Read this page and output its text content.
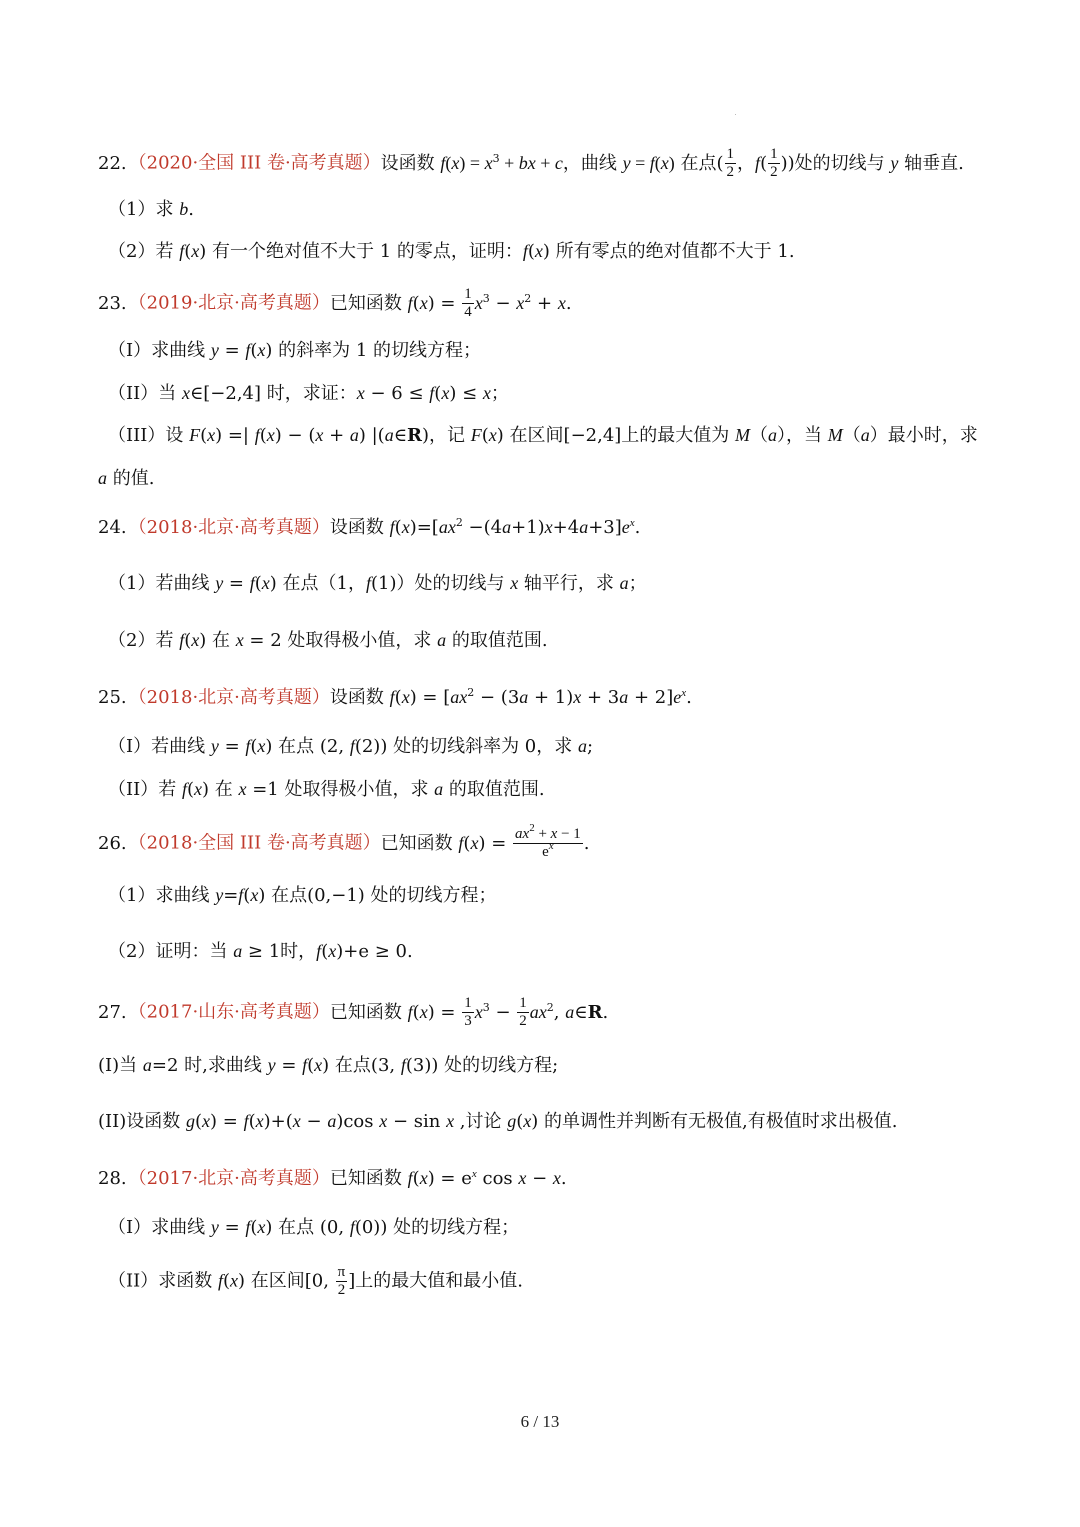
22. （2020·全国 III 卷·高考真题）设函数 $f(x) = x^3$ + bx + c，曲线 y = f(x) 在点( $\frac{1}{2}$ ，$f( \frac{1}{2}$ ))处的切线与 y 轴垂直.
（1）求 b.
（2）若 f(x) 有一个绝对值不大于 1 的零点，证明：f(x) 所有零点的绝对值都不大于 1.
23. （2019·北京·高考真题）已知函数 $f(x) = \frac{1}{4} x^3 - x^2 + x$.
（I）求曲线 y = f(x) 的斜率为 1 的切线方程；
（II）当 x∈[−2,4] 时，求证：x − 6 ≤ f(x) ≤ x；
（III）设 F(x) =| f(x) − (x + a) |(a∈R)，记 F(x) 在区间[−2,4]上的最大值为 M（a），当 M（a）最小时，求
a 的值.
24. （2018·北京·高考真题）设函数 $f(x)=[ax^2 -(4a+1)x+4a+3]e^x$.
（1）若曲线 y = f(x) 在点（1，f(1)）处的切线与 x 轴平行，求 a；
（2）若 f(x) 在 x = 2 处取得极小值，求 a 的取值范围.
25. （2018·北京·高考真题）设函数 $f(x) = [ax^2 - (3a + 1)x + 3a + 2]e^x$.
（I）若曲线 y = f(x) 在点 (2, f(2)) 处的切线斜率为 0，求 a;
（II）若 f(x) 在 x =1 处取得极小值，求 a 的取值范围.
26. （2018·全国 III 卷·高考真题）已知函数 $f(x) = \frac{ax^2 + x - 1}{e^x}$ .
（1）求曲线 y=f(x) 在点(0,−1) 处的切线方程；
（2）证明：当 a ≥ 1时，f(x)+e ≥ 0.
27. （2017·山东·高考真题）已知函数 $f(x) = \frac{1}{3} x^3 - \frac{1}{2} ax^2$, a∈R.
(I)当 a=2 时,求曲线 y = f(x) 在点(3, f(3)) 处的切线方程;
(II)设函数 g(x) = f(x)+(x − a)cos x − sin x ,讨论 g(x) 的单调性并判断有无极值,有极值时求出极值.
28. （2017·北京·高考真题）已知函数 $f(x) = e^x$ cos x − x.
（I）求曲线 y = f(x) 在点 (0, f(0)) 处的切线方程；
（II）求函数 f(x) 在区间[0, $\frac{\pi}{2}$ ]上的最大值和最小值.
6 / 13
